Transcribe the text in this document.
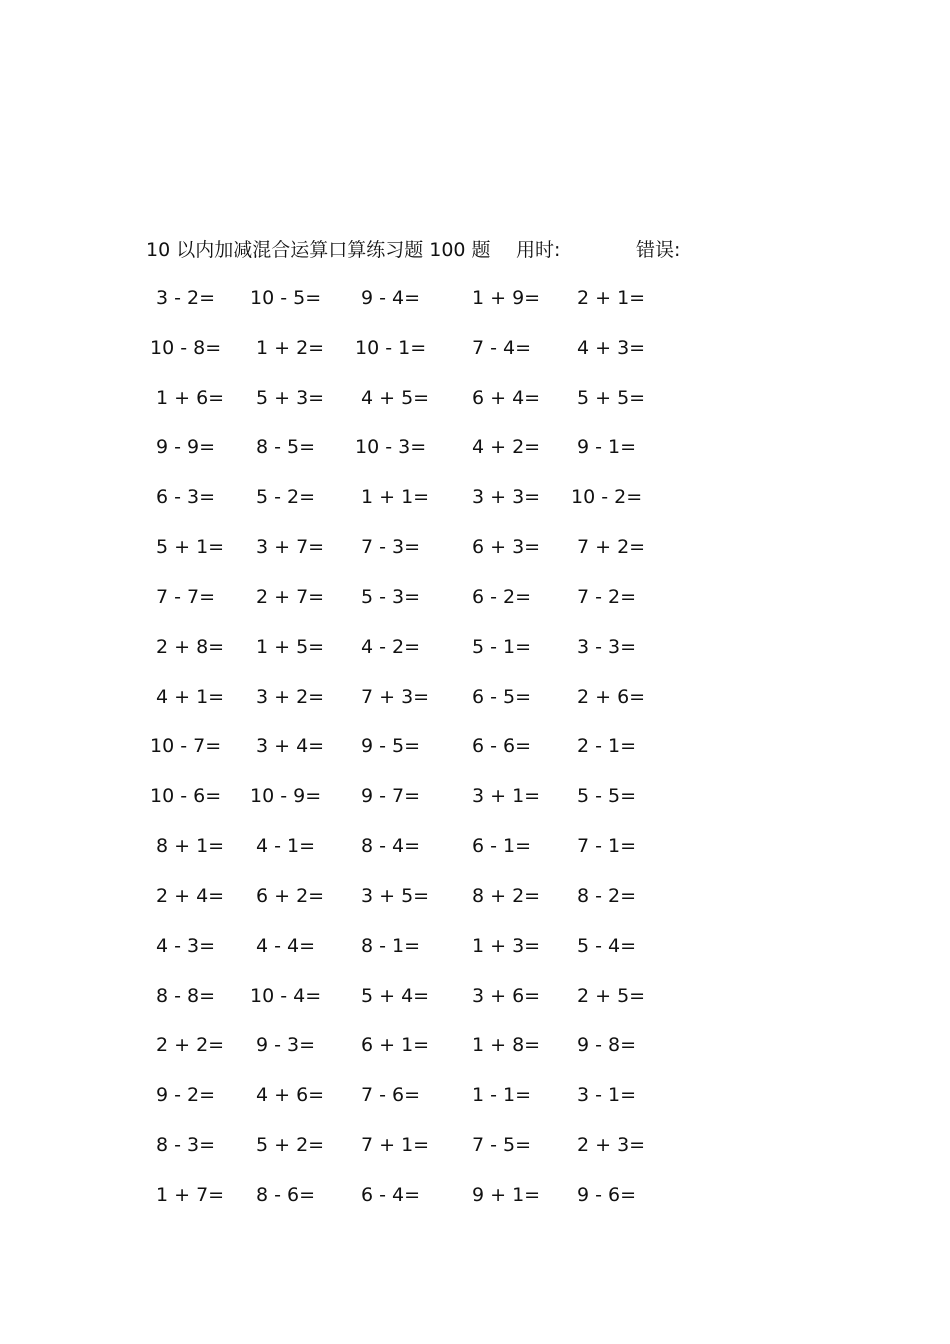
10 以内加减混合运算口算练习题 100 题 用时:	错误:
3 - 2=	10 - 5=	9 - 4=	1 + 9=	2 + 1=
10 - 8=	1 + 2=	10 - 1=	7 - 4=	4 + 3=
1 + 6=	5 + 3=	4 + 5=	6 + 4=	5 + 5=
9 - 9=	8 - 5=	10 - 3=	4 + 2=	9 - 1=
6 - 3=	5 - 2=	1 + 1=	3 + 3=	10 - 2=
5 + 1=	3 + 7=	7 - 3=	6 + 3=	7 + 2=
7 - 7=	2 + 7=	5 - 3=	6 - 2=	7 - 2=
2 + 8=	1 + 5=	4 - 2=	5 - 1=	3 - 3=
4 + 1=	3 + 2=	7 + 3=	6 - 5=	2 + 6=
10 - 7=	3 + 4=	9 - 5=	6 - 6=	2 - 1=
10 - 6=	10 - 9=	9 - 7=	3 + 1=	5 - 5=
8 + 1=	4 - 1=	8 - 4=	6 - 1=	7 - 1=
2 + 4=	6 + 2=	3 + 5=	8 + 2=	8 - 2=
4 - 3=	4 - 4=	8 - 1=	1 + 3=	5 - 4=
8 - 8=	10 - 4=	5 + 4=	3 + 6=	2 + 5=
2 + 2=	9 - 3=	6 + 1=	1 + 8=	9 - 8=
9 - 2=	4 + 6=	7 - 6=	1 - 1=	3 - 1=
8 - 3=	5 + 2=	7 + 1=	7 - 5=	2 + 3=
1 + 7=	8 - 6=	6 - 4=	9 + 1=	9 - 6=
